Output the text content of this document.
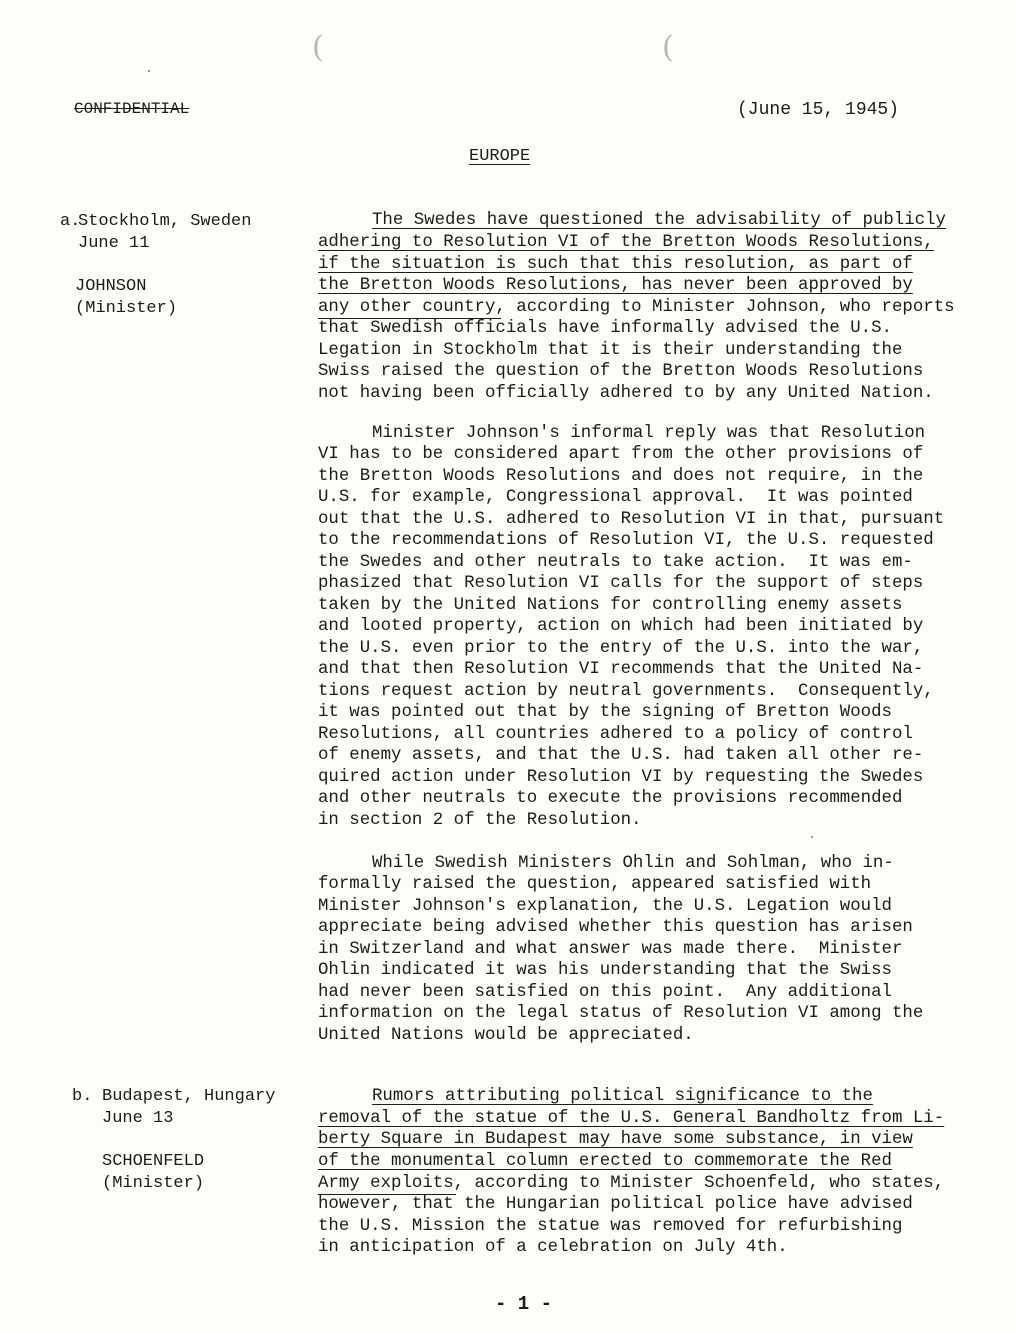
(	(
CONFIDENTIAL	(June 15, 1945)
EUROPE
a.
Stockholm, Sweden
June 11
JOHNSON
(Minister)
The Swedes have questioned the advisability of publicly
adhering to Resolution VI of the Bretton Woods Resolutions,
if the situation is such that this resolution, as part of
the Bretton Woods Resolutions, has never been approved by
any other country, according to Minister Johnson, who reports
that Swedish officials have informally advised the U.S.
Legation in Stockholm that it is their understanding the
Swiss raised the question of the Bretton Woods Resolutions
not having been officially adhered to by any United Nation.
Minister Johnson's informal reply was that Resolution
VI has to be considered apart from the other provisions of
the Bretton Woods Resolutions and does not require, in the
U.S. for example, Congressional approval.  It was pointed
out that the U.S. adhered to Resolution VI in that, pursuant
to the recommendations of Resolution VI, the U.S. requested
the Swedes and other neutrals to take action.  It was em-
phasized that Resolution VI calls for the support of steps
taken by the United Nations for controlling enemy assets
and looted property, action on which had been initiated by
the U.S. even prior to the entry of the U.S. into the war,
and that then Resolution VI recommends that the United Na-
tions request action by neutral governments.  Consequently,
it was pointed out that by the signing of Bretton Woods
Resolutions, all countries adhered to a policy of control
of enemy assets, and that the U.S. had taken all other re-
quired action under Resolution VI by requesting the Swedes
and other neutrals to execute the provisions recommended
in section 2 of the Resolution.
While Swedish Ministers Ohlin and Sohlman, who in-
formally raised the question, appeared satisfied with
Minister Johnson's explanation, the U.S. Legation would
appreciate being advised whether this question has arisen
in Switzerland and what answer was made there.  Minister
Ohlin indicated it was his understanding that the Swiss
had never been satisfied on this point.  Any additional
information on the legal status of Resolution VI among the
United Nations would be appreciated.
b. Budapest, Hungary
June 13
SCHOENFELD
(Minister)
Rumors attributing political significance to the
removal of the statue of the U.S. General Bandholtz from Li-
berty Square in Budapest may have some substance, in view
of the monumental column erected to commemorate the Red
Army exploits, according to Minister Schoenfeld, who states,
however, that the Hungarian political police have advised
the U.S. Mission the statue was removed for refurbishing
in anticipation of a celebration on July 4th.
- 1 -
